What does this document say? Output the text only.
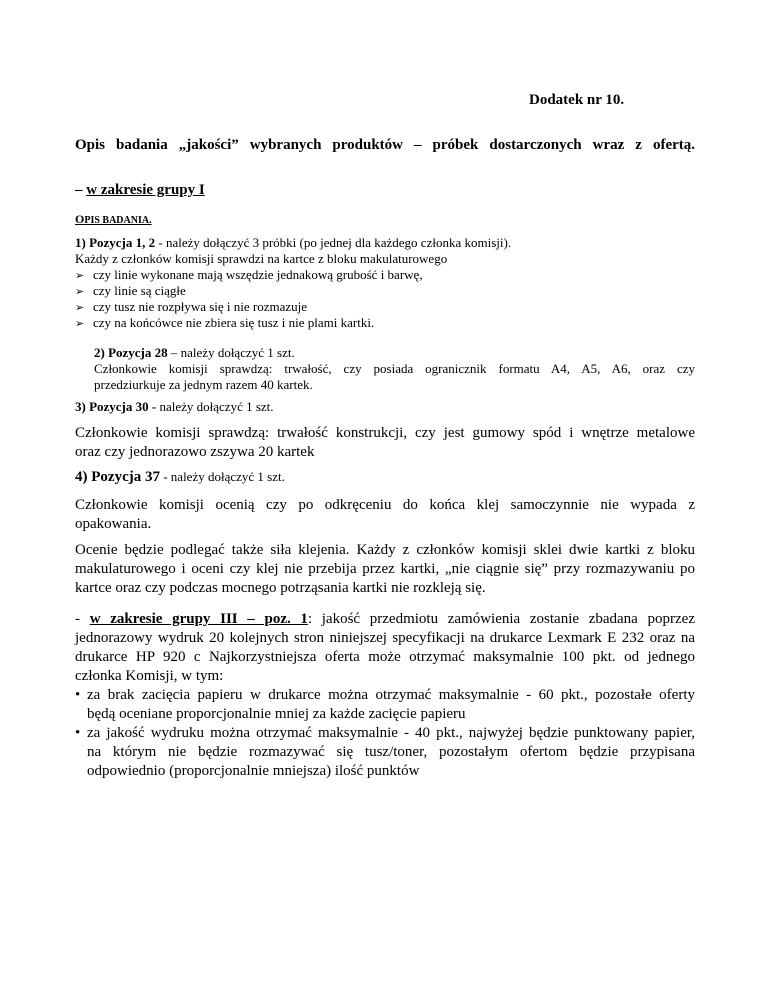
Dodatek nr 10.
Opis badania „jakości” wybranych produktów – próbek dostarczonych wraz z ofertą.
– w zakresie grupy I
OPIS BADANIA.
1) Pozycja 1, 2 - należy dołączyć 3 próbki (po jednej dla każdego członka komisji).
Każdy z członków komisji sprawdzi na kartce z bloku makulaturowego
➢ czy linie wykonane mają wszędzie jednakową grubość i barwę,
➢ czy linie są ciągłe
➢ czy tusz nie rozpływa się i nie rozmazuje
➢ czy na końcówce nie zbiera się tusz i nie plami kartki.
2) Pozycja 28 – należy dołączyć 1 szt.
Członkowie komisji sprawdzą: trwałość, czy posiada ogranicznik formatu A4, A5, A6, oraz czy
przedziurkuje za jednym razem 40 kartek.
3) Pozycja 30 - należy dołączyć 1 szt.
Członkowie komisji sprawdzą: trwałość konstrukcji, czy jest gumowy spód i wnętrze metalowe
oraz czy jednorazowo zszywa 20 kartek
4) Pozycja 37 - należy dołączyć 1 szt.
Członkowie komisji ocenią czy po odkręceniu do końca klej samoczynnie nie wypada z
opakowania.
Ocenie będzie podlegać także siła klejenia. Każdy z członków komisji sklei dwie kartki z bloku
makulaturowego i oceni czy klej nie przebija przez kartki, „nie ciągnie się” przy rozmazywaniu po
kartce oraz czy podczas mocnego potrząsania kartki nie rozkleją się.
- w zakresie grupy III – poz. 1: jakość przedmiotu zamówienia zostanie zbadana poprzez
jednorazowy wydruk 20 kolejnych stron niniejszej specyfikacji na drukarce Lexmark E 232 oraz na
drukarce HP 920 c Najkorzystniejsza oferta może otrzymać maksymalnie 100 pkt. od jednego
członka Komisji, w tym:
• za brak zacięcia papieru w drukarce można otrzymać maksymalnie - 60 pkt., pozostałe oferty
będą oceniane proporcjonalnie mniej za każde zacięcie papieru
• za jakość wydruku można otrzymać maksymalnie - 40 pkt., najwyżej będzie punktowany papier,
na którym nie będzie rozmazywać się tusz/toner, pozostałym ofertom będzie przypisana
odpowiednio (proporcjonalnie mniejsza) ilość punktów
